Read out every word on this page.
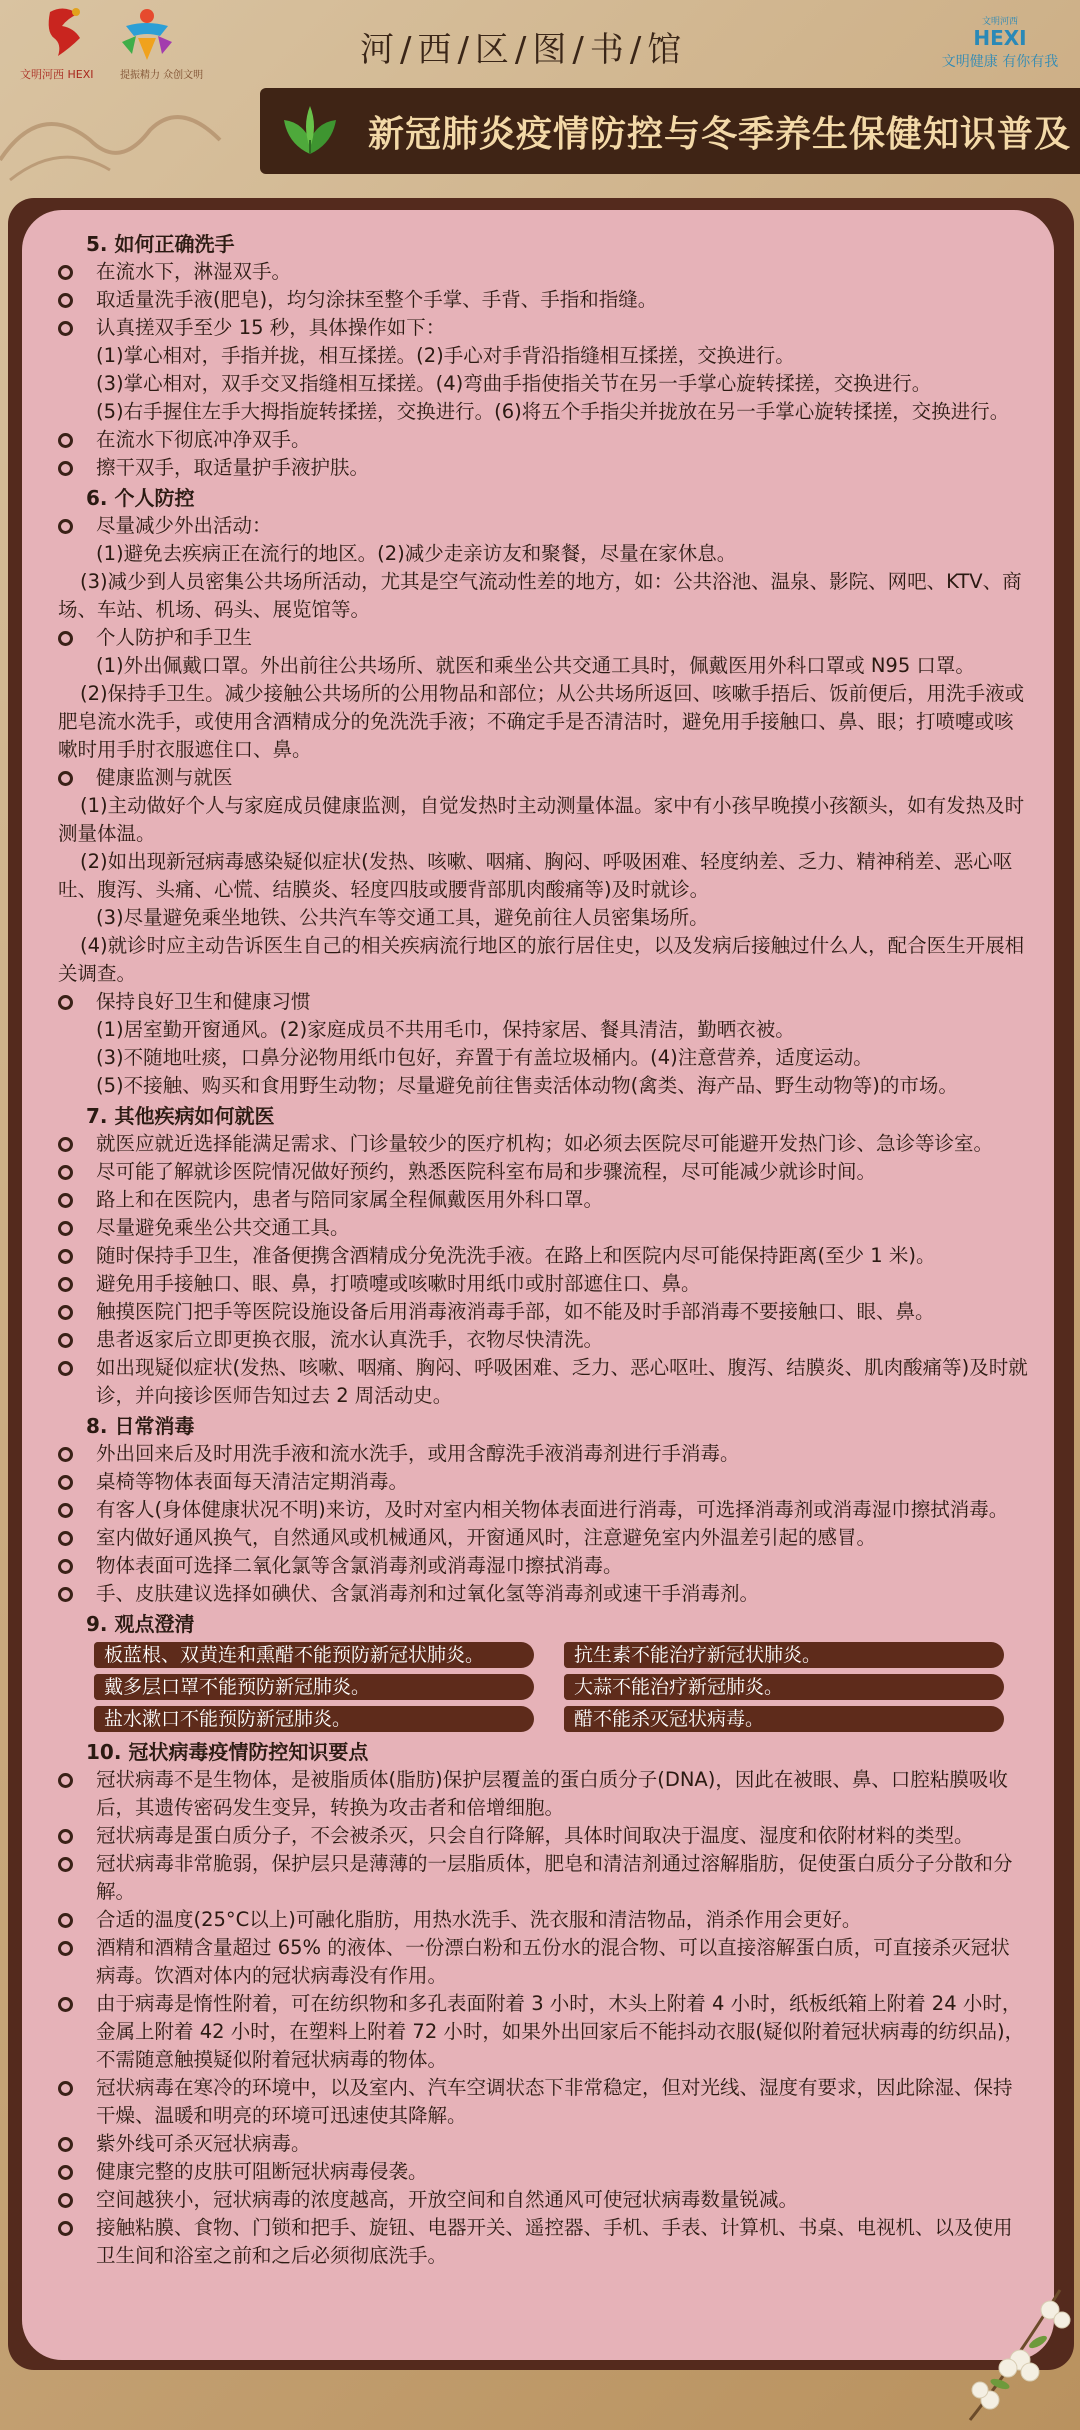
文明河西 HEXI	提振精力 众创文明
河/西/区/图/书/馆
文明河西
HEXI
文明健康 有你有我
新冠肺炎疫情防控与冬季养生保健知识普及
5. 如何正确洗手
在流水下，淋湿双手。
取适量洗手液(肥皂)，均匀涂抹至整个手掌、手背、手指和指缝。
认真搓双手至少 15 秒，具体操作如下：
(1)掌心相对，手指并拢，相互揉搓。(2)手心对手背沿指缝相互揉搓，交换进行。
(3)掌心相对，双手交叉指缝相互揉搓。(4)弯曲手指使指关节在另一手掌心旋转揉搓，交换进行。
(5)右手握住左手大拇指旋转揉搓，交换进行。(6)将五个手指尖并拢放在另一手掌心旋转揉搓，交换进行。
在流水下彻底冲净双手。
擦干双手，取适量护手液护肤。
6. 个人防控
尽量减少外出活动：
(1)避免去疾病正在流行的地区。(2)减少走亲访友和聚餐，尽量在家休息。
(3)减少到人员密集公共场所活动，尤其是空气流动性差的地方，如：公共浴池、温泉、影院、网吧、KTV、商场、车站、机场、码头、展览馆等。
个人防护和手卫生
(1)外出佩戴口罩。外出前往公共场所、就医和乘坐公共交通工具时，佩戴医用外科口罩或 N95 口罩。
(2)保持手卫生。减少接触公共场所的公用物品和部位；从公共场所返回、咳嗽手捂后、饭前便后，用洗手液或肥皂流水洗手，或使用含酒精成分的免洗洗手液；不确定手是否清洁时，避免用手接触口、鼻、眼；打喷嚏或咳嗽时用手肘衣服遮住口、鼻。
健康监测与就医
(1)主动做好个人与家庭成员健康监测，自觉发热时主动测量体温。家中有小孩早晚摸小孩额头，如有发热及时测量体温。
(2)如出现新冠病毒感染疑似症状(发热、咳嗽、咽痛、胸闷、呼吸困难、轻度纳差、乏力、精神稍差、恶心呕吐、腹泻、头痛、心慌、结膜炎、轻度四肢或腰背部肌肉酸痛等)及时就诊。
(3)尽量避免乘坐地铁、公共汽车等交通工具，避免前往人员密集场所。
(4)就诊时应主动告诉医生自己的相关疾病流行地区的旅行居住史，以及发病后接触过什么人，配合医生开展相关调查。
保持良好卫生和健康习惯
(1)居室勤开窗通风。(2)家庭成员不共用毛巾，保持家居、餐具清洁，勤晒衣被。
(3)不随地吐痰，口鼻分泌物用纸巾包好，弃置于有盖垃圾桶内。(4)注意营养，适度运动。
(5)不接触、购买和食用野生动物；尽量避免前往售卖活体动物(禽类、海产品、野生动物等)的市场。
7. 其他疾病如何就医
就医应就近选择能满足需求、门诊量较少的医疗机构；如必须去医院尽可能避开发热门诊、急诊等诊室。
尽可能了解就诊医院情况做好预约，熟悉医院科室布局和步骤流程，尽可能减少就诊时间。
路上和在医院内，患者与陪同家属全程佩戴医用外科口罩。
尽量避免乘坐公共交通工具。
随时保持手卫生，准备便携含酒精成分免洗洗手液。在路上和医院内尽可能保持距离(至少 1 米)。
避免用手接触口、眼、鼻，打喷嚏或咳嗽时用纸巾或肘部遮住口、鼻。
触摸医院门把手等医院设施设备后用消毒液消毒手部，如不能及时手部消毒不要接触口、眼、鼻。
患者返家后立即更换衣服，流水认真洗手，衣物尽快清洗。
如出现疑似症状(发热、咳嗽、咽痛、胸闷、呼吸困难、乏力、恶心呕吐、腹泻、结膜炎、肌肉酸痛等)及时就诊，并向接诊医师告知过去 2 周活动史。
8. 日常消毒
外出回来后及时用洗手液和流水洗手，或用含醇洗手液消毒剂进行手消毒。
桌椅等物体表面每天清洁定期消毒。
有客人(身体健康状况不明)来访，及时对室内相关物体表面进行消毒，可选择消毒剂或消毒湿巾擦拭消毒。
室内做好通风换气，自然通风或机械通风，开窗通风时，注意避免室内外温差引起的感冒。
物体表面可选择二氧化氯等含氯消毒剂或消毒湿巾擦拭消毒。
手、皮肤建议选择如碘伏、含氯消毒剂和过氧化氢等消毒剂或速干手消毒剂。
9. 观点澄清
板蓝根、双黄连和熏醋不能预防新冠状肺炎。	抗生素不能治疗新冠状肺炎。
戴多层口罩不能预防新冠肺炎。	大蒜不能治疗新冠肺炎。
盐水漱口不能预防新冠肺炎。	醋不能杀灭冠状病毒。
10. 冠状病毒疫情防控知识要点
冠状病毒不是生物体，是被脂质体(脂肪)保护层覆盖的蛋白质分子(DNA)，因此在被眼、鼻、口腔粘膜吸收后，其遗传密码发生变异，转换为攻击者和倍增细胞。
冠状病毒是蛋白质分子，不会被杀灭，只会自行降解，具体时间取决于温度、湿度和依附材料的类型。
冠状病毒非常脆弱，保护层只是薄薄的一层脂质体，肥皂和清洁剂通过溶解脂肪，促使蛋白质分子分散和分解。
合适的温度(25°C以上)可融化脂肪，用热水洗手、洗衣服和清洁物品，消杀作用会更好。
酒精和酒精含量超过 65% 的液体、一份漂白粉和五份水的混合物、可以直接溶解蛋白质，可直接杀灭冠状病毒。饮酒对体内的冠状病毒没有作用。
由于病毒是惰性附着，可在纺织物和多孔表面附着 3 小时，木头上附着 4 小时，纸板纸箱上附着 24 小时，金属上附着 42 小时，在塑料上附着 72 小时，如果外出回家后不能抖动衣服(疑似附着冠状病毒的纺织品)，不需随意触摸疑似附着冠状病毒的物体。
冠状病毒在寒冷的环境中，以及室内、汽车空调状态下非常稳定，但对光线、湿度有要求，因此除湿、保持干燥、温暖和明亮的环境可迅速使其降解。
紫外线可杀灭冠状病毒。
健康完整的皮肤可阻断冠状病毒侵袭。
空间越狭小，冠状病毒的浓度越高，开放空间和自然通风可使冠状病毒数量锐减。
接触粘膜、食物、门锁和把手、旋钮、电器开关、遥控器、手机、手表、计算机、书桌、电视机、以及使用卫生间和浴室之前和之后必须彻底洗手。
